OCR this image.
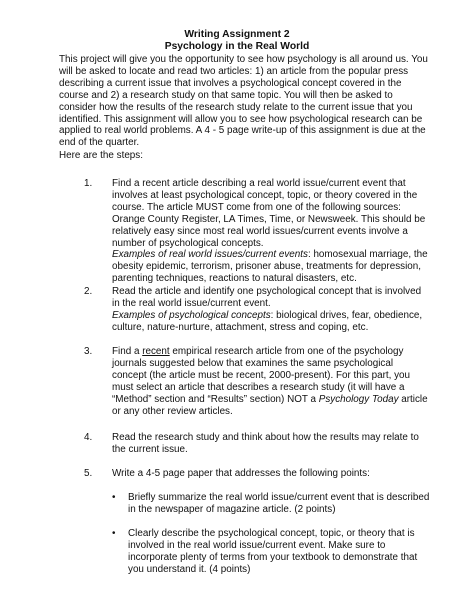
Writing Assignment 2
Psychology in the Real World
This project will give you the opportunity to see how psychology is all around us. You will be asked to locate and read two articles: 1) an article from the popular press describing a current issue that involves a psychological concept covered in the course and 2) a research study on that same topic. You will then be asked to consider how the results of the research study relate to the current issue that you identified. This assignment will allow you to see how psychological research can be applied to real world problems. A 4 - 5 page write-up of this assignment is due at the end of the quarter.
Here are the steps:
1. Find a recent article describing a real world issue/current event that involves at least psychological concept, topic, or theory covered in the course. The article MUST come from one of the following sources: Orange County Register, LA Times, Time, or Newsweek. This should be relatively easy since most real world issues/current events involve a number of psychological concepts.
Examples of real world issues/current events: homosexual marriage, the obesity epidemic, terrorism, prisoner abuse, treatments for depression, parenting techniques, reactions to natural disasters, etc.
2. Read the article and identify one psychological concept that is involved in the real world issue/current event.
Examples of psychological concepts: biological drives, fear, obedience, culture, nature-nurture, attachment, stress and coping, etc.
3. Find a recent empirical research article from one of the psychology journals suggested below that examines the same psychological concept (the article must be recent, 2000-present). For this part, you must select an article that describes a research study (it will have a “Method” section and “Results” section) NOT a Psychology Today article or any other review articles.
4. Read the research study and think about how the results may relate to the current issue.
5. Write a 4-5 page paper that addresses the following points:
• Briefly summarize the real world issue/current event that is described in the newspaper of magazine article. (2 points)
• Clearly describe the psychological concept, topic, or theory that is involved in the real world issue/current event. Make sure to incorporate plenty of terms from your textbook to demonstrate that you understand it. (4 points)
